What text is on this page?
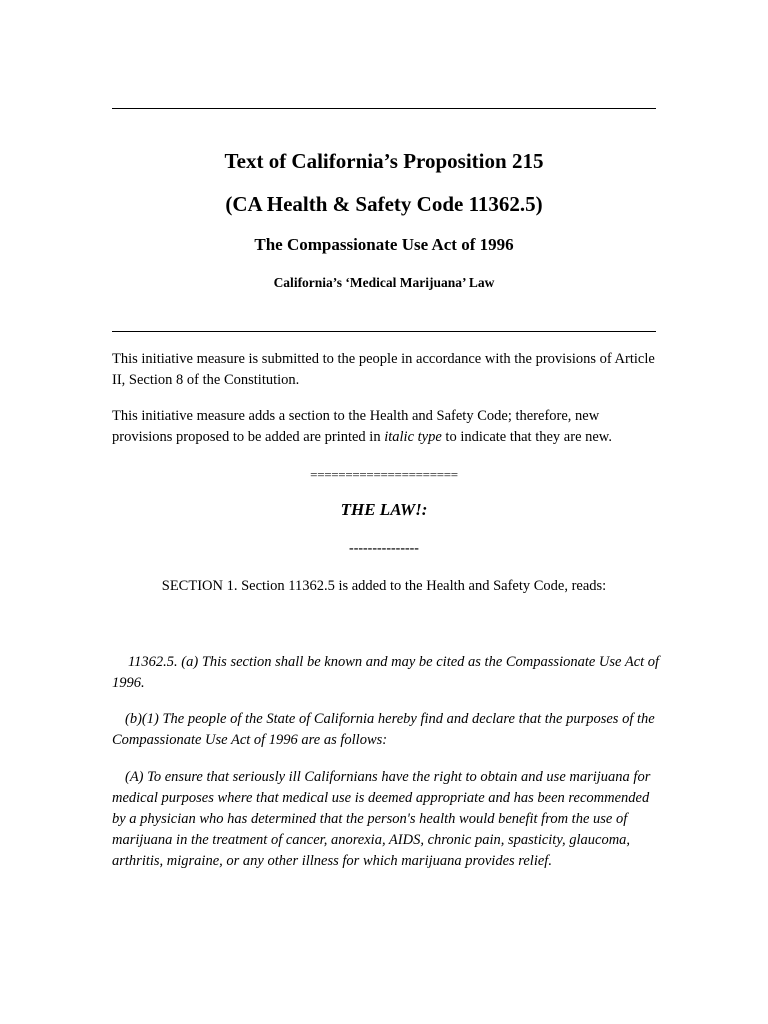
Text of California’s Proposition 215
(CA Health & Safety Code 11362.5)
The Compassionate Use Act of 1996
California’s ‘Medical Marijuana’ Law

This initiative measure is submitted to the people in accordance with the provisions of Article II, Section 8 of the Constitution.

This initiative measure adds a section to the Health and Safety Code; therefore, new provisions proposed to be added are printed in italic type to indicate that they are new.

=====================
THE LAW!:
---------------

SECTION 1. Section 11362.5 is added to the Health and Safety Code, reads:

11362.5. (a) This section shall be known and may be cited as the Compassionate Use Act of 1996.

(b)(1) The people of the State of California hereby find and declare that the purposes of the Compassionate Use Act of 1996 are as follows:

(A) To ensure that seriously ill Californians have the right to obtain and use marijuana for medical purposes where that medical use is deemed appropriate and has been recommended by a physician who has determined that the person's health would benefit from the use of marijuana in the treatment of cancer, anorexia, AIDS, chronic pain, spasticity, glaucoma, arthritis, migraine, or any other illness for which marijuana provides relief.
